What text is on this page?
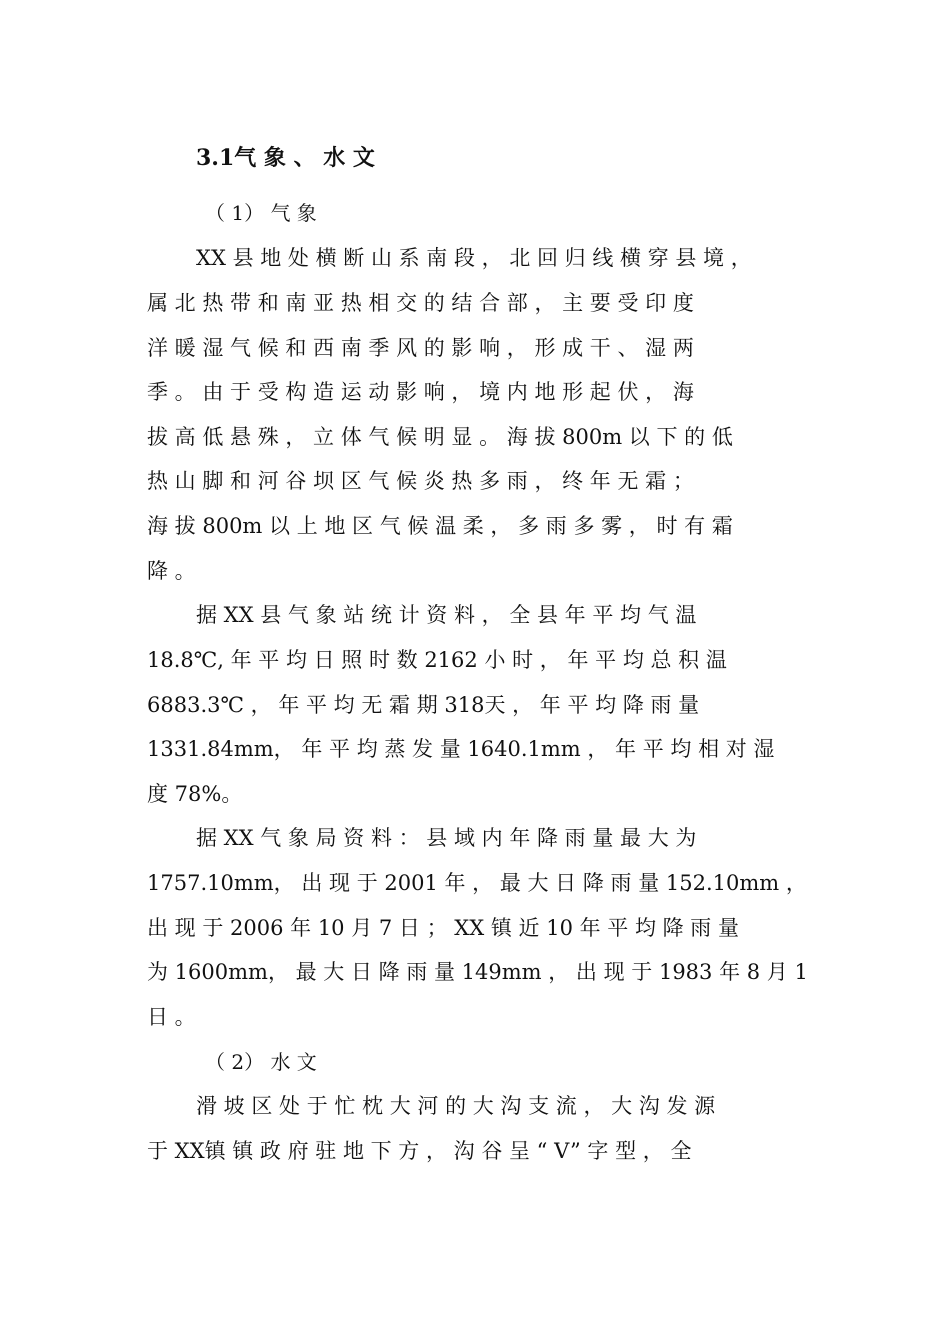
3.1气 象 、 水 文
（ 1） 气 象
XX 县 地 处 横 断 山 系 南 段 ， 北 回 归 线 横 穿 县 境 ，
属 北 热 带 和 南 亚 热 相 交 的 结 合 部 ， 主 要 受 印 度
洋 暖 湿 气 候 和 西 南 季 风 的 影 响 ， 形 成 干 、 湿 两
季 。 由 于 受 构 造 运 动 影 响 ， 境 内 地 形 起 伏 ， 海
拔 高 低 悬 殊 ， 立 体 气 候 明 显 。 海 拔 800m 以 下 的 低
热 山 脚 和 河 谷 坝 区 气 候 炎 热 多 雨 ， 终 年 无 霜 ；
海 拔 800m 以 上 地 区 气 候 温 柔 ， 多 雨 多 雾 ， 时 有 霜
降 。
据 XX 县 气 象 站 统 计 资 料 ， 全 县 年 平 均 气 温
18.8℃, 年 平 均 日 照 时 数 2162 小 时 ， 年 平 均 总 积 温
6883.3℃ ， 年 平 均 无 霜 期 318天 ， 年 平 均 降 雨 量
1331.84mm， 年 平 均 蒸 发 量 1640.1mm ， 年 平 均 相 对 湿
度 78%。
据 XX 气 象 局 资 料 ： 县 域 内 年 降 雨 量 最 大 为
1757.10mm， 出 现 于 2001 年 ， 最 大 日 降 雨 量 152.10mm ，
出 现 于 2006 年 10 月 7 日 ； XX 镇 近 10 年 平 均 降 雨 量
为 1600mm， 最 大 日 降 雨 量 149mm ， 出 现 于 1983 年 8 月 1
日 。
（ 2） 水 文
滑 坡 区 处 于 忙 枕 大 河 的 大 沟 支 流 ， 大 沟 发 源
于 XX镇 镇 政 府 驻 地 下 方 ， 沟 谷 呈 “ V” 字 型 ， 全
